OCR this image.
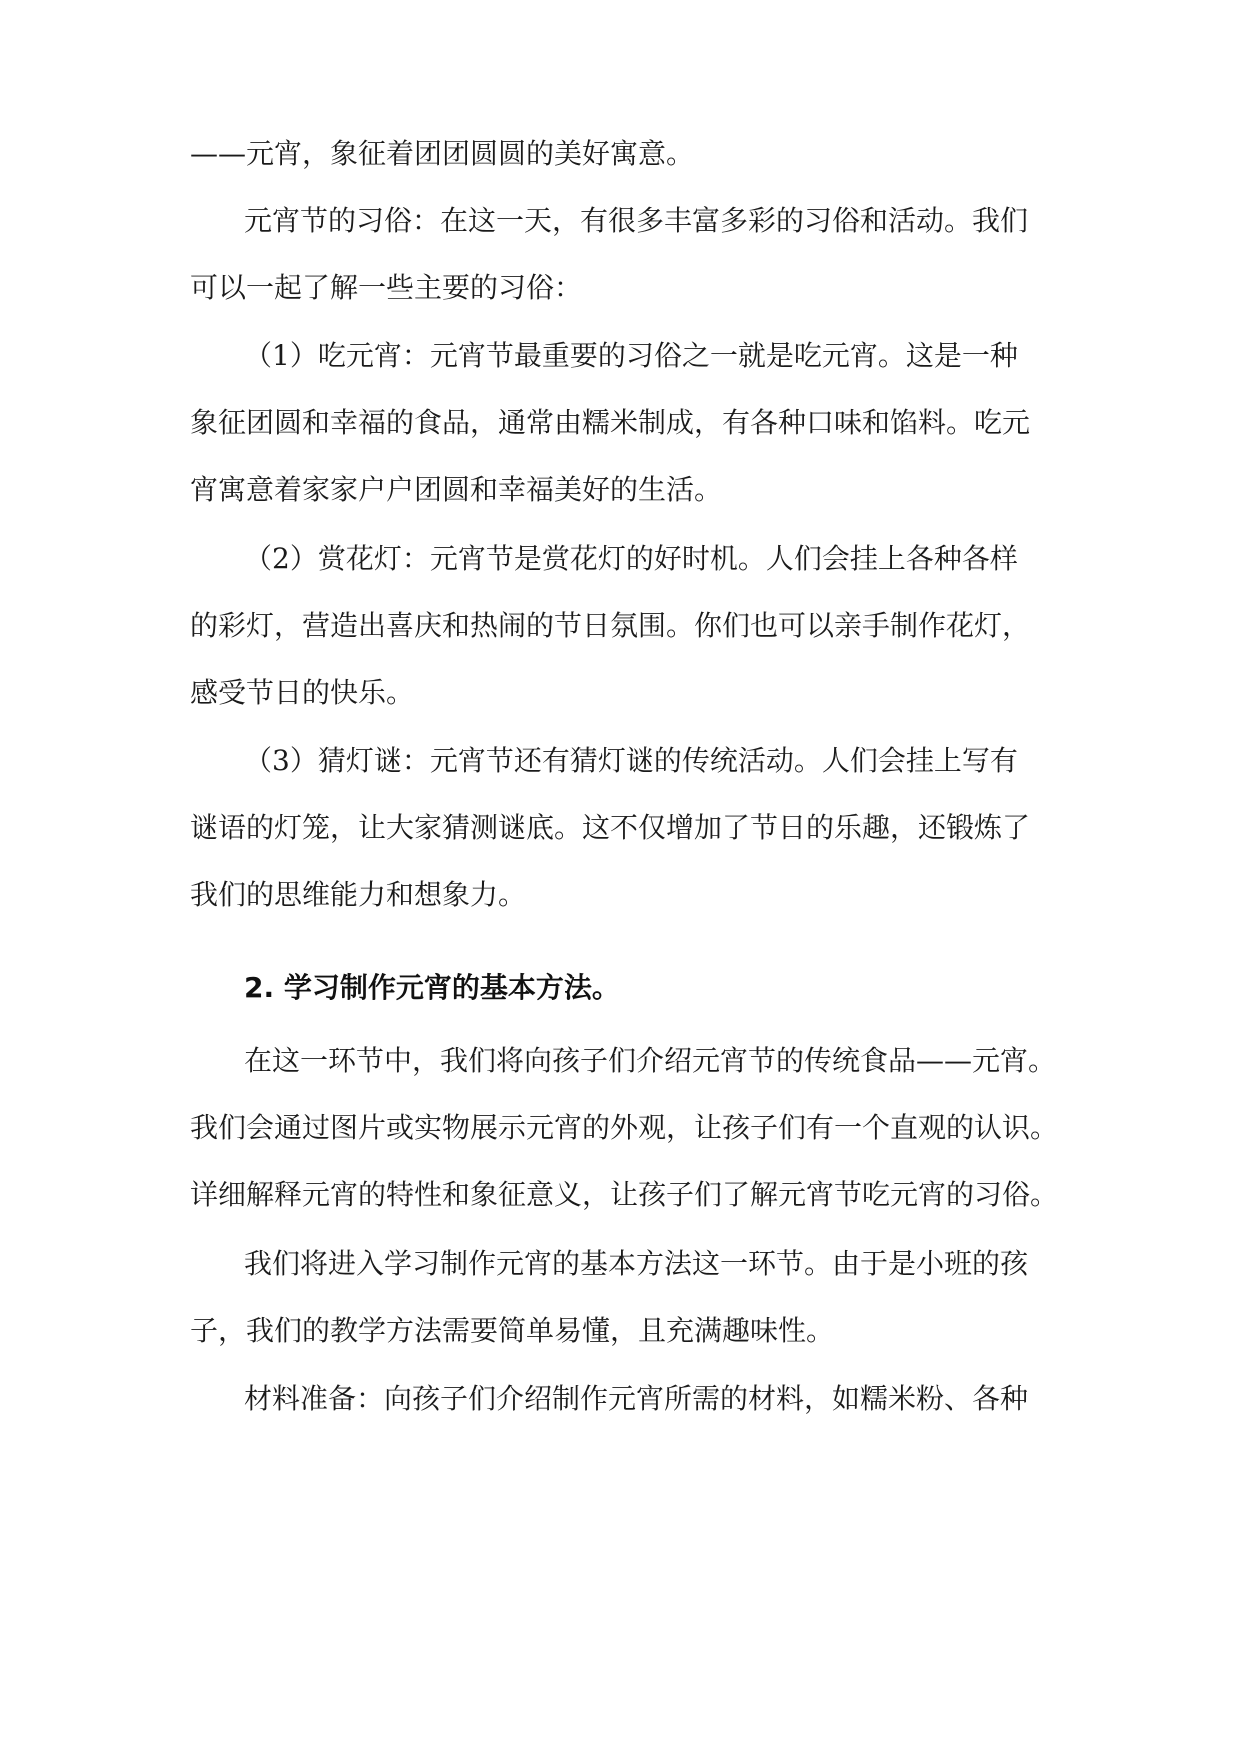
——元宵，象征着团团圆圆的美好寓意。
元宵节的习俗：在这一天，有很多丰富多彩的习俗和活动。我们
可以一起了解一些主要的习俗：
（1）吃元宵：元宵节最重要的习俗之一就是吃元宵。这是一种
象征团圆和幸福的食品，通常由糯米制成，有各种口味和馅料。吃元
宵寓意着家家户户团圆和幸福美好的生活。
（2）赏花灯：元宵节是赏花灯的好时机。人们会挂上各种各样
的彩灯，营造出喜庆和热闹的节日氛围。你们也可以亲手制作花灯，
感受节日的快乐。
（3）猜灯谜：元宵节还有猜灯谜的传统活动。人们会挂上写有
谜语的灯笼，让大家猜测谜底。这不仅增加了节日的乐趣，还锻炼了
我们的思维能力和想象力。
2. 学习制作元宵的基本方法。
在这一环节中，我们将向孩子们介绍元宵节的传统食品——元宵。
我们会通过图片或实物展示元宵的外观，让孩子们有一个直观的认识。
详细解释元宵的特性和象征意义，让孩子们了解元宵节吃元宵的习俗。
我们将进入学习制作元宵的基本方法这一环节。由于是小班的孩
子，我们的教学方法需要简单易懂，且充满趣味性。
材料准备：向孩子们介绍制作元宵所需的材料，如糯米粉、各种
